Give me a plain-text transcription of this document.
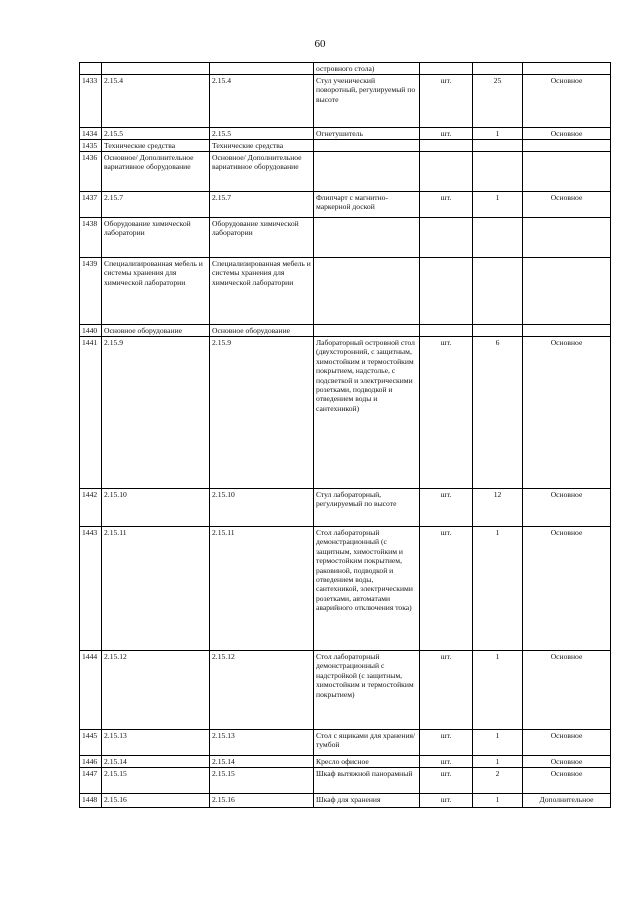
60
			островного стола)			
1433	2.15.4	2.15.4	Стул ученический поворотный, регулируемый по высоте	шт.	25	Основное
1434	2.15.5	2.15.5	Огнетушитель	шт.	1	Основное
1435	Технические средства	Технические средства				
1436	Основное/ Дополнительное вариативное оборудование	Основное/ Дополнительное вариативное оборудование				
1437	2.15.7	2.15.7	Флипчарт с магнитно-маркерной доской	шт.	1	Основное
1438	Оборудование химической лаборатории	Оборудование химической лаборатории				
1439	Специализированная мебель и системы хранения для химической лаборатории	Специализированная мебель и системы хранения для химической лаборатории				
1440	Основное оборудование	Основное оборудование				
1441	2.15.9	2.15.9	Лабораторный островной стол (двухсторонний, с защитным, химостойким и термостойким покрытием, надстолье, с подсветкой и электрическими розетками, подводкой и отведением воды и сантехникой)	шт.	6	Основное
1442	2.15.10	2.15.10	Стул лабораторный, регулируемый по высоте	шт.	12	Основное
1443	2.15.11	2.15.11	Стол лабораторный демонстрационный (с защитным, химостойким и термостойким покрытием, раковиной, подводкой и отведением воды, сантехникой, электрическими розетками, автоматами аварийного отключения тока)	шт.	1	Основное
1444	2.15.12	2.15.12	Стол лабораторный демонстрационный с надстройкой (с защитным, химостойким и термостойким покрытием)	шт.	1	Основное
1445	2.15.13	2.15.13	Стол с ящиками для хранения/тумбой	шт.	1	Основное
1446	2.15.14	2.15.14	Кресло офисное	шт.	1	Основное
1447	2.15.15	2.15.15	Шкаф вытяжной панорамный	шт.	2	Основное
1448	2.15.16	2.15.16	Шкаф для хранения	шт.	1	Дополнительное
